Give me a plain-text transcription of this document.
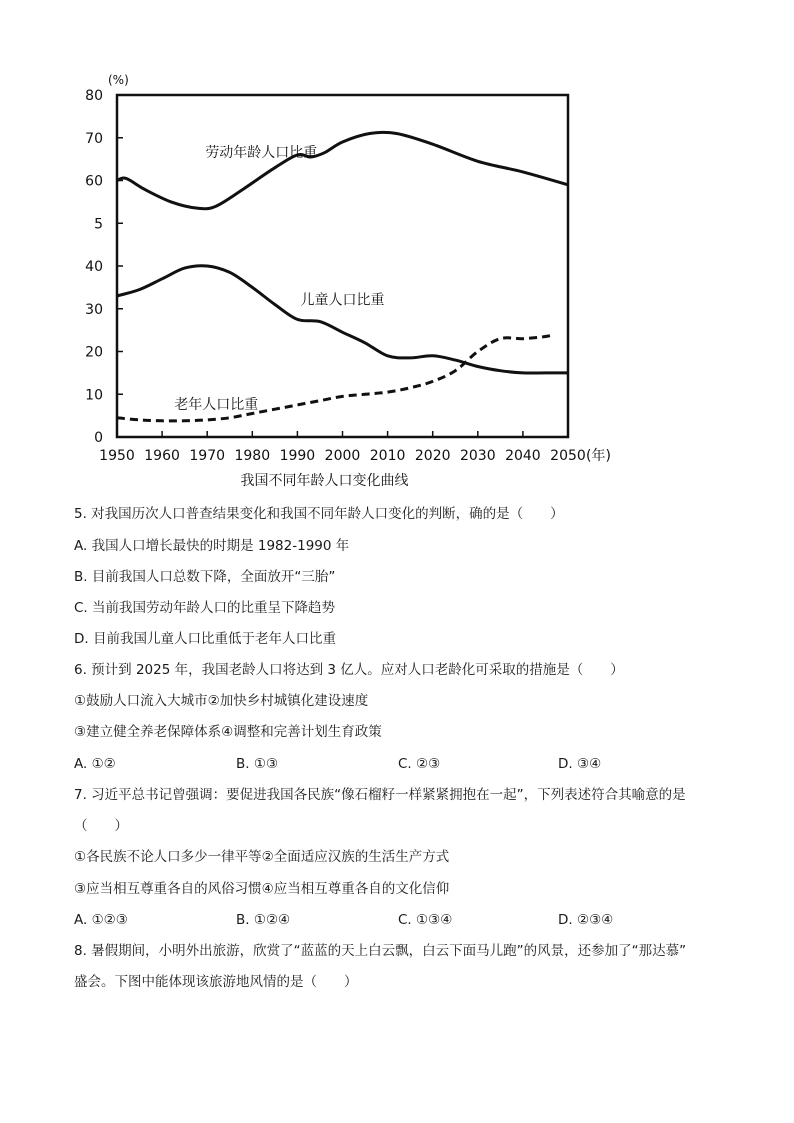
80
70
60
5
40
30
20
10
0
1950 1960 1970 1980 1990 2000 2010 2020 2030 2040 2050
(%)
(年)
我国不同年龄人口变化曲线
劳动年龄人口比重
儿童人口比重
老年人口比重
5. 对我国历次人口普查结果变化和我国不同年龄人口变化的判断，确的是（　　）
A. 我国人口增长最快的时期是 1982-1990 年
B. 目前我国人口总数下降，全面放开“三胎”
C. 当前我国劳动年龄人口的比重呈下降趋势
D. 目前我国儿童人口比重低于老年人口比重
6. 预计到 2025 年，我国老龄人口将达到 3 亿人。应对人口老龄化可采取的措施是（　　）
①鼓励人口流入大城市②加快乡村城镇化建设速度
③建立健全养老保障体系④调整和完善计划生育政策
A. ①②	B. ①③	C. ②③	D. ③④
7. 习近平总书记曾强调：要促进我国各民族“像石榴籽一样紧紧拥抱在一起”，下列表述符合其喻意的是
（　　）
①各民族不论人口多少一律平等②全面适应汉族的生活生产方式
③应当相互尊重各自的风俗习惯④应当相互尊重各自的文化信仰
A. ①②③	B. ①②④	C. ①③④	D. ②③④
8. 暑假期间，小明外出旅游，欣赏了“蓝蓝的天上白云飘，白云下面马儿跑”的风景，还参加了“那达慕”
盛会。下图中能体现该旅游地风情的是（　　）
